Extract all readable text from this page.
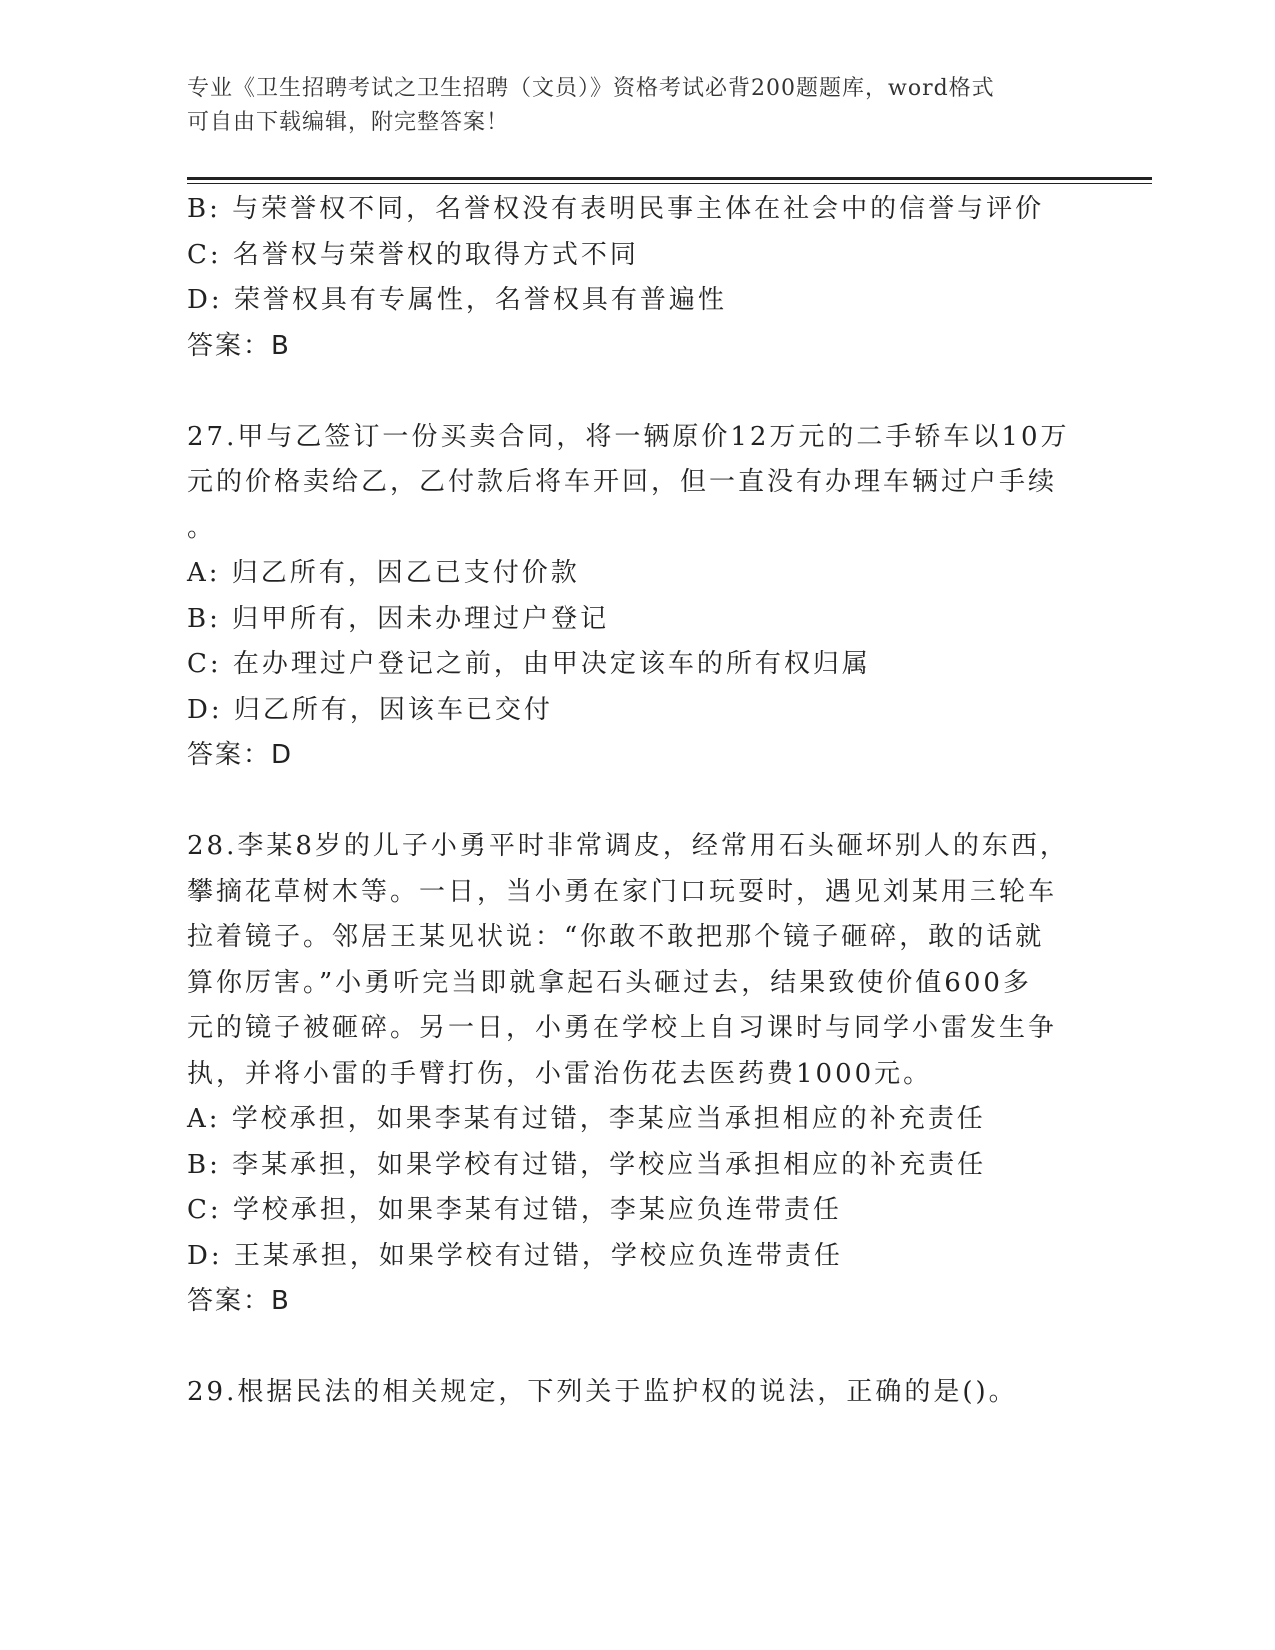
专业《卫生招聘考试之卫生招聘（文员）》资格考试必背200题题库，word格式
可自由下载编辑，附完整答案！
B: 与荣誉权不同，名誉权没有表明民事主体在社会中的信誉与评价
C: 名誉权与荣誉权的取得方式不同
D: 荣誉权具有专属性，名誉权具有普遍性
答案：B
27.甲与乙签订一份买卖合同，将一辆原价12万元的二手轿车以10万
元的价格卖给乙，乙付款后将车开回，但一直没有办理车辆过户手续
。
A: 归乙所有，因乙已支付价款
B: 归甲所有，因未办理过户登记
C: 在办理过户登记之前，由甲决定该车的所有权归属
D: 归乙所有，因该车已交付
答案：D
28.李某8岁的儿子小勇平时非常调皮，经常用石头砸坏别人的东西，
攀摘花草树木等。一日，当小勇在家门口玩耍时，遇见刘某用三轮车
拉着镜子。邻居王某见状说：“你敢不敢把那个镜子砸碎，敢的话就
算你厉害。”小勇听完当即就拿起石头砸过去，结果致使价值600多
元的镜子被砸碎。另一日，小勇在学校上自习课时与同学小雷发生争
执，并将小雷的手臂打伤，小雷治伤花去医药费1000元。
A: 学校承担，如果李某有过错，李某应当承担相应的补充责任
B: 李某承担，如果学校有过错，学校应当承担相应的补充责任
C: 学校承担，如果李某有过错，李某应负连带责任
D: 王某承担，如果学校有过错，学校应负连带责任
答案：B
29.根据民法的相关规定，下列关于监护权的说法，正确的是()。
